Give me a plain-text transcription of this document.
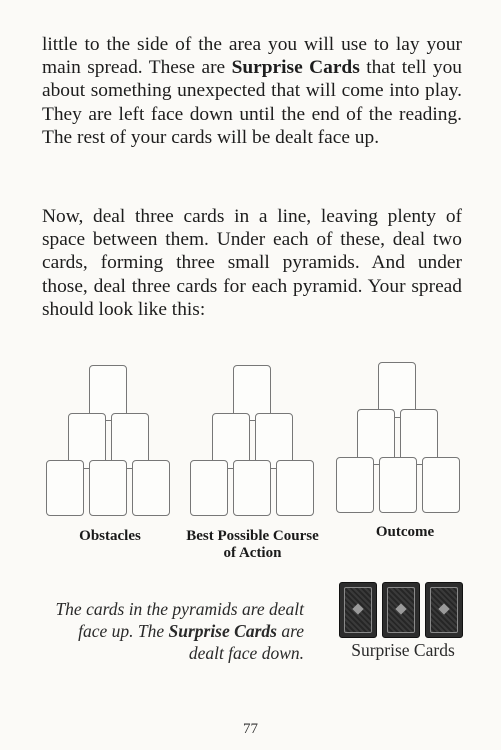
little to the side of the area you will use to lay your main spread. These are Surprise Cards that tell you about something unexpected that will come into play. They are left face down until the end of the reading. The rest of your cards will be dealt face up.

Now, deal three cards in a line, leaving plenty of space between them. Under each of these, deal two cards, forming three small pyramids. And under those, deal three cards for each pyramid. Your spread should look like this:

Obstacles	Best Possible Course of Action
Outcome
The cards in the pyramids are dealt face up. The Surprise Cards are dealt face down.	Surprise Cards
77
